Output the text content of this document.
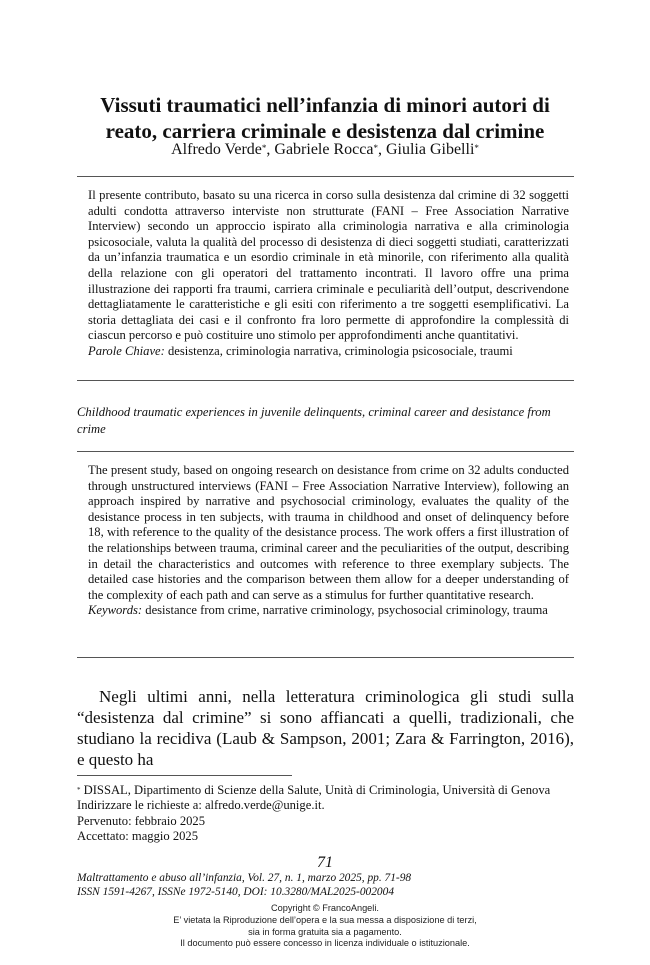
Vissuti traumatici nell’infanzia di minori autori di
reato, carriera criminale e desistenza dal crimine
Alfredo Verde*, Gabriele Rocca*, Giulia Gibelli*
Il presente contributo, basato su una ricerca in corso sulla desistenza dal crimine di 32 soggetti adulti condotta attraverso interviste non strutturate (FANI – Free Association Narrative Interview) secondo un approccio ispirato alla criminologia narrativa e alla criminologia psicosociale, valuta la qualità del processo di desistenza di dieci soggetti studiati, caratterizzati da un’infanzia traumatica e un esordio criminale in età minorile, con riferimento alla qualità della relazione con gli operatori del trattamento incontrati. Il lavoro offre una prima illustrazione dei rapporti fra traumi, carriera criminale e peculiarità dell’output, descrivendone dettagliatamente le caratteristiche e gli esiti con riferimento a tre soggetti esemplificativi. La storia dettagliata dei casi e il confronto fra loro permette di approfondire la complessità di ciascun percorso e può costituire uno stimolo per approfondimenti anche quantitativi.
Parole Chiave: desistenza, criminologia narrativa, criminologia psicosociale, traumi
Childhood traumatic experiences in juvenile delinquents, criminal career and desistance from crime
The present study, based on ongoing research on desistance from crime on 32 adults conducted through unstructured interviews (FANI – Free Association Narrative Interview), following an approach inspired by narrative and psychosocial criminology, evaluates the quality of the desistance process in ten subjects, with trauma in childhood and onset of delinquency before 18, with reference to the quality of the desistance process. The work offers a first illustration of the relationships between trauma, criminal career and the peculiarities of the output, describing in detail the characteristics and outcomes with reference to three exemplary subjects. The detailed case histories and the comparison between them allow for a deeper understanding of the complexity of each path and can serve as a stimulus for further quantitative research.
Keywords: desistance from crime, narrative criminology, psychosocial criminology, trauma
Negli ultimi anni, nella letteratura criminologica gli studi sulla “desistenza dal crimine” si sono affiancati a quelli, tradizionali, che studiano la recidiva (Laub & Sampson, 2001; Zara & Farrington, 2016), e questo ha

* DISSAL, Dipartimento di Scienze della Salute, Unità di Criminologia, Università di Genova

Indirizzare le richieste a: alfredo.verde@unige.it.

Pervenuto: febbraio 2025

Accettato: maggio 2025

71
Maltrattamento e abuso all’infanzia, Vol. 27, n. 1, marzo 2025, pp. 71-98
ISSN 1591-4267, ISSNe 1972-5140, DOI: 10.3280/MAL2025-002004

Copyright © FrancoAngeli.

E’ vietata la Riproduzione dell’opera e la sua messa a disposizione di terzi,

sia in forma gratuita sia a pagamento.

Il documento può essere concesso in licenza individuale o istituzionale.
